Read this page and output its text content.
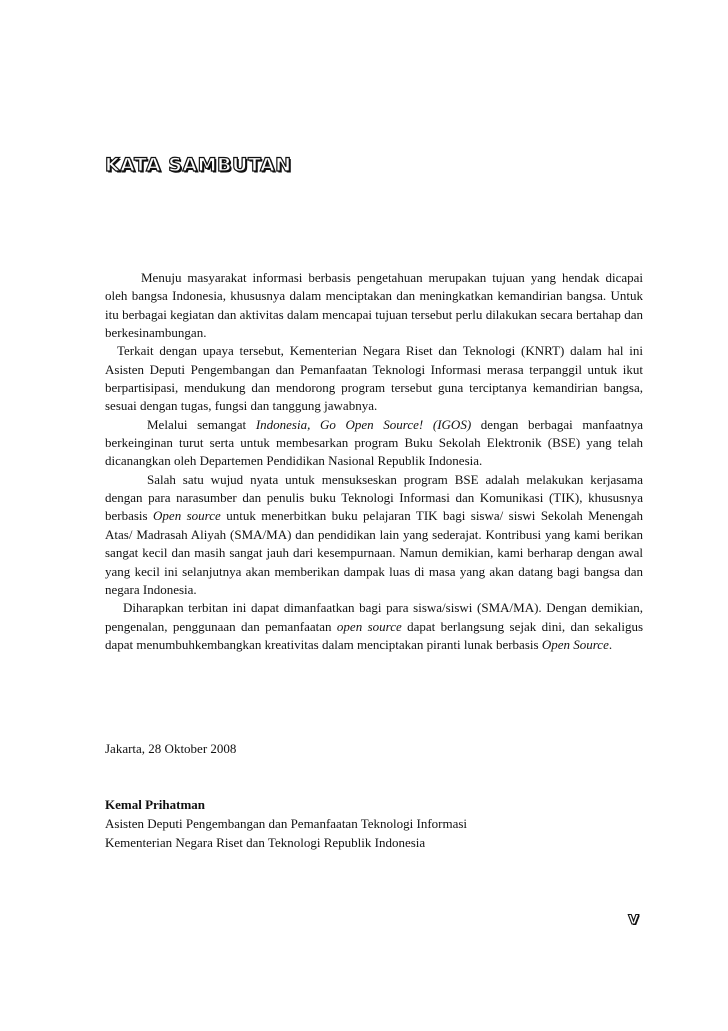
KATA SAMBUTAN

Menuju masyarakat informasi berbasis pengetahuan merupakan tujuan yang hendak dicapai oleh bangsa Indonesia, khususnya dalam menciptakan dan meningkatkan kemandirian bangsa. Untuk itu berbagai kegiatan dan aktivitas dalam mencapai tujuan tersebut perlu dilakukan secara bertahap dan berkesinambungan.

Terkait dengan upaya tersebut, Kementerian Negara Riset dan Teknologi (KNRT) dalam hal ini Asisten Deputi Pengembangan dan Pemanfaatan Teknologi Informasi merasa terpanggil untuk ikut berpartisipasi, mendukung dan mendorong program tersebut guna terciptanya kemandirian bangsa, sesuai dengan tugas, fungsi dan tanggung jawabnya.

Melalui semangat Indonesia, Go Open Source! (IGOS) dengan berbagai manfaatnya berkeinginan turut serta untuk membesarkan program Buku Sekolah Elektronik (BSE) yang telah dicanangkan oleh Departemen Pendidikan Nasional Republik Indonesia.

Salah satu wujud nyata untuk mensukseskan program BSE adalah melakukan kerjasama dengan para narasumber dan penulis buku Teknologi Informasi dan Komunikasi (TIK), khususnya berbasis Open source untuk menerbitkan buku pelajaran TIK bagi siswa/ siswi Sekolah Menengah Atas/ Madrasah Aliyah (SMA/MA) dan pendidikan lain yang sederajat. Kontribusi yang kami berikan sangat kecil dan masih sangat jauh dari kesempurnaan. Namun demikian, kami berharap dengan awal yang kecil ini selanjutnya akan memberikan dampak luas di masa yang akan datang bagi bangsa dan negara Indonesia.

Diharapkan terbitan ini dapat dimanfaatkan bagi para siswa/siswi (SMA/MA). Dengan demikian, pengenalan, penggunaan dan pemanfaatan open source dapat berlangsung sejak dini, dan sekaligus dapat menumbuhkembangkan kreativitas dalam menciptakan piranti lunak berbasis Open Source.

Jakarta, 28 Oktober 2008
Kemal Prihatman
Asisten Deputi Pengembangan dan Pemanfaatan Teknologi Informasi
Kementerian Negara Riset dan Teknologi Republik Indonesia
v
